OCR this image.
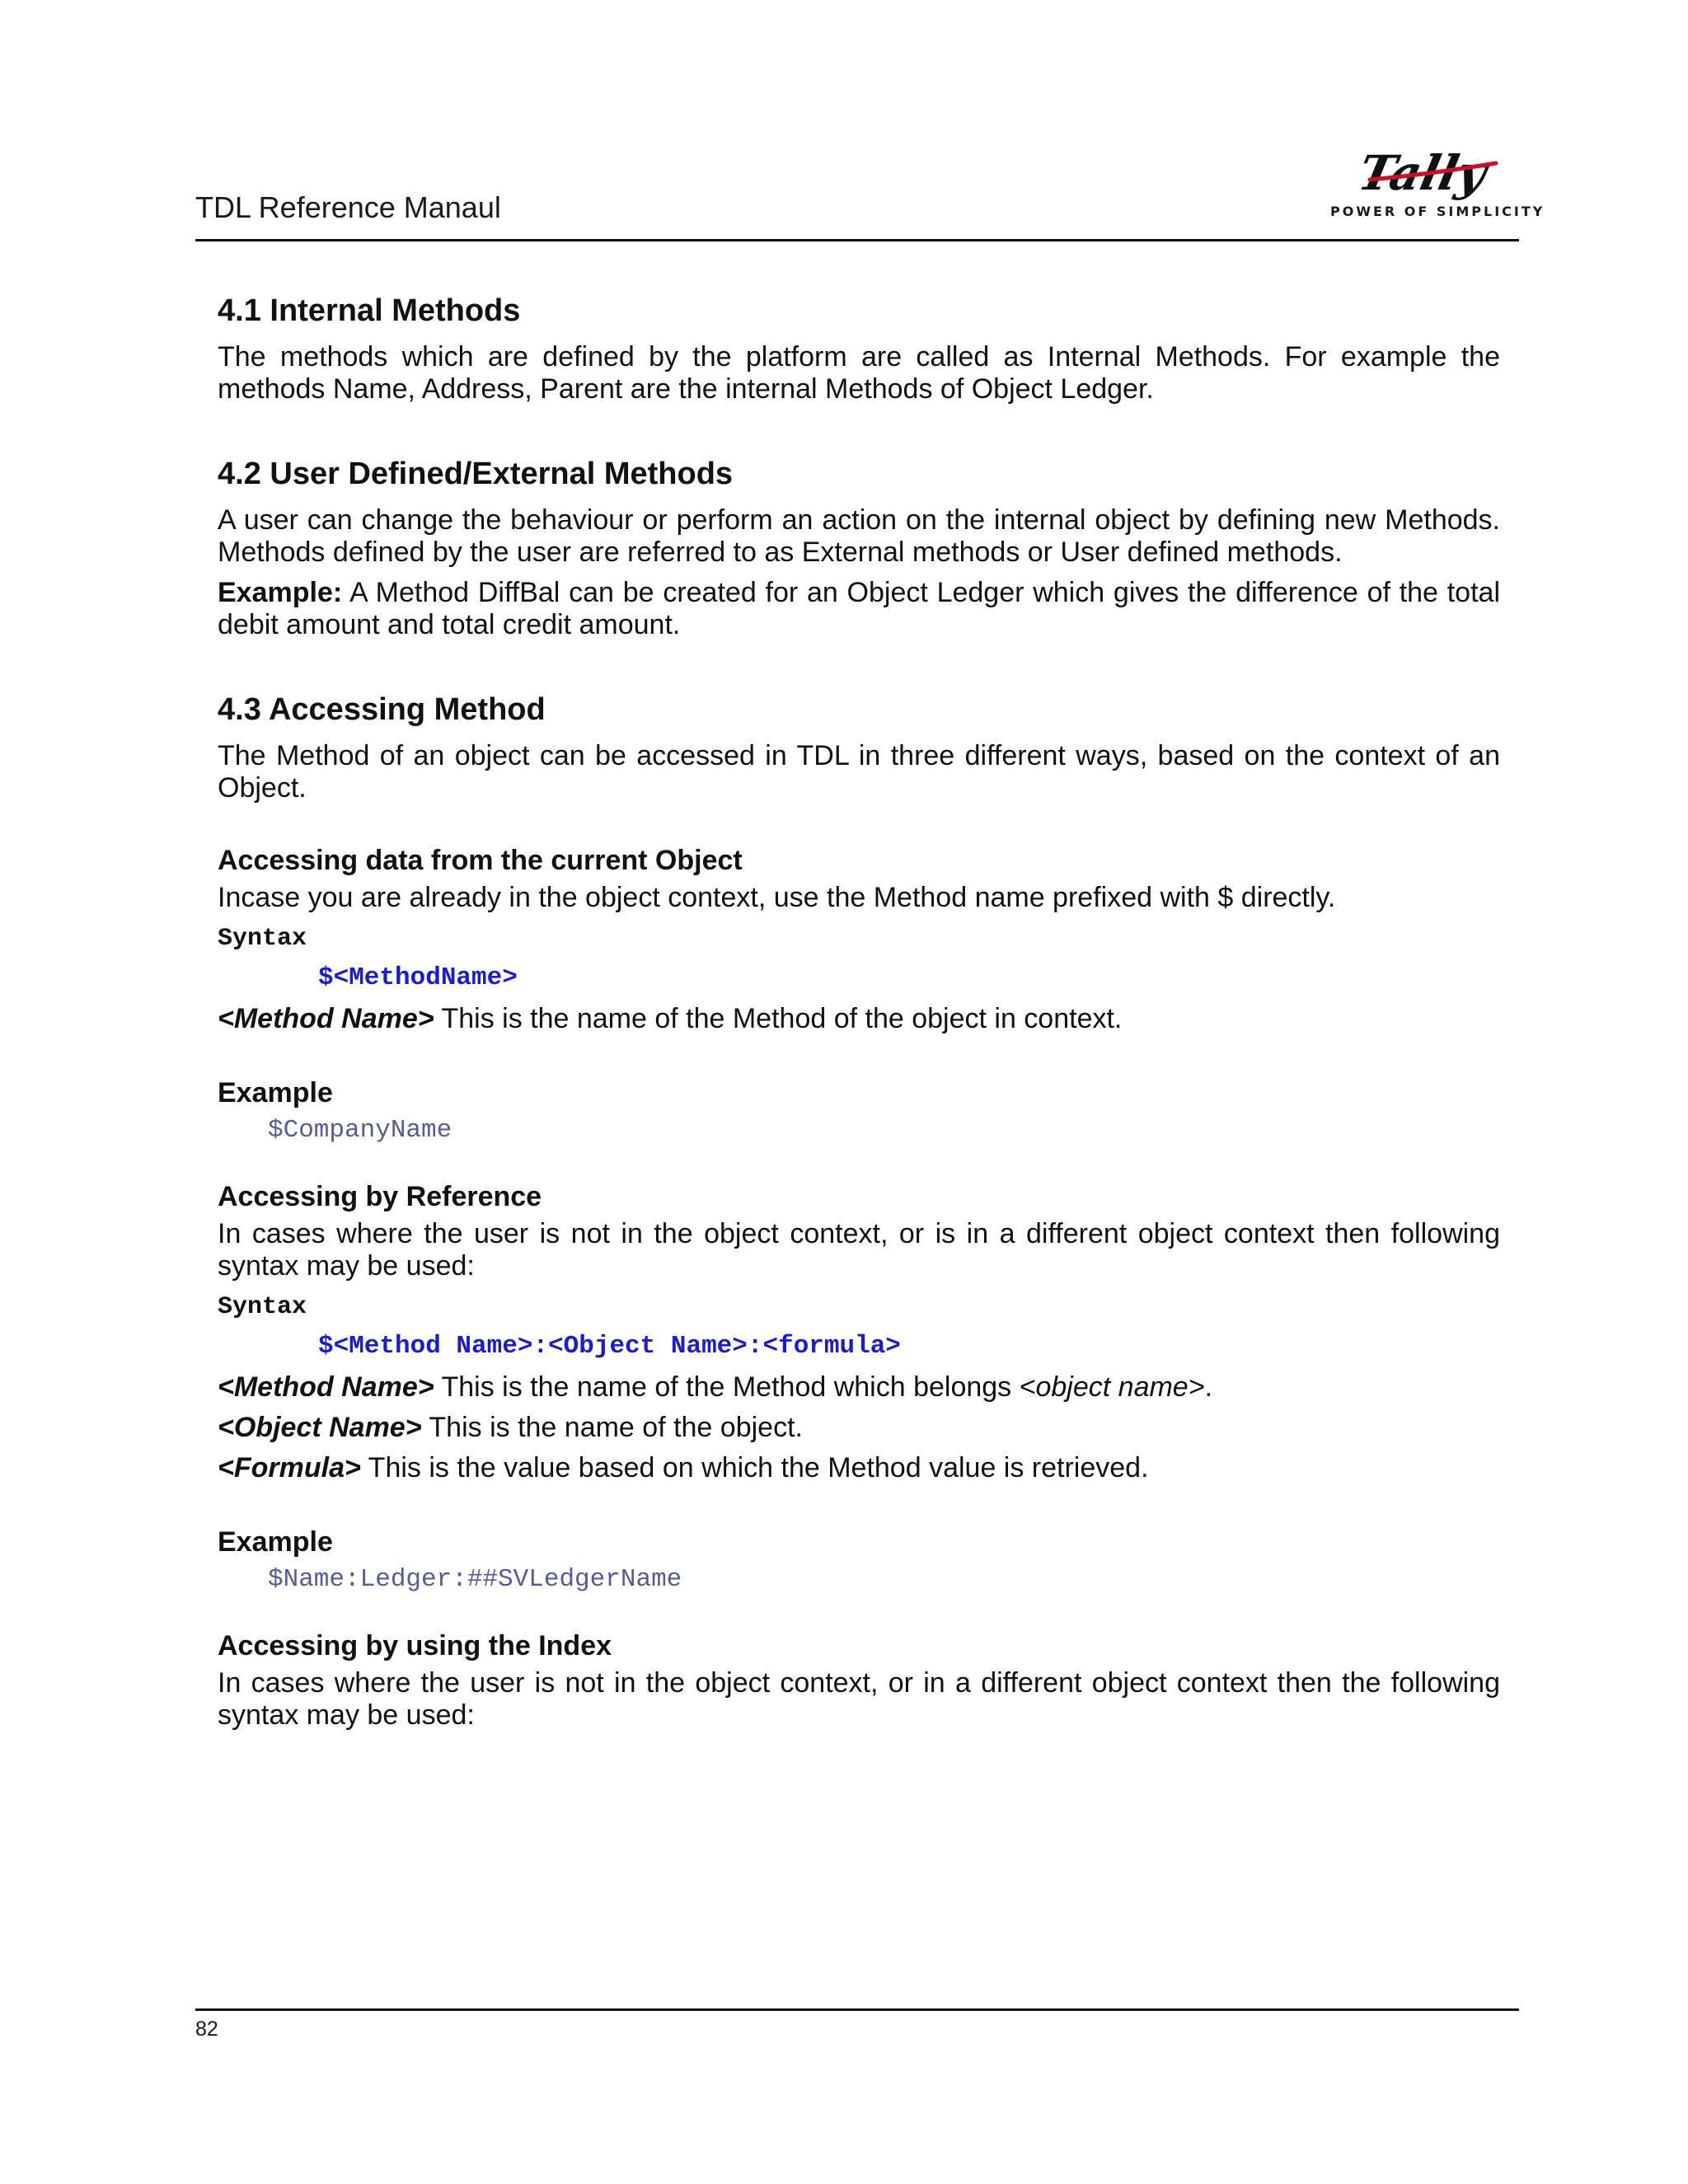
TDL Reference Manaul
Tally
POWER OF SIMPLICITY
4.1 Internal Methods

The methods which are defined by the platform are called as Internal Methods. For example the methods Name, Address, Parent are the internal Methods of Object Ledger.

4.2 User Defined/External Methods

A user can change the behaviour or perform an action on the internal object by defining new Methods. Methods defined by the user are referred to as External methods or User defined methods.

Example: A Method DiffBal can be created for an Object Ledger which gives the difference of the total debit amount and total credit amount.

4.3 Accessing Method

The Method of an object can be accessed in TDL in three different ways, based on the context of an Object.

Accessing data from the current Object

Incase you are already in the object context, use the Method name prefixed with $ directly.

Syntax
$<MethodName>
<Method Name> This is the name of the Method of the object in context.
Example
$CompanyName
Accessing by Reference

In cases where the user is not in the object context, or is in a different object context then following syntax may be used:

Syntax
$<Method Name>:<Object Name>:<formula>
<Method Name> This is the name of the Method which belongs <object name>.
<Object Name> This is the name of the object.
<Formula> This is the value based on which the Method value is retrieved.
Example
$Name:Ledger:##SVLedgerName
Accessing by using the Index

In cases where the user is not in the object context, or in a different object context then the following syntax may be used:

82
